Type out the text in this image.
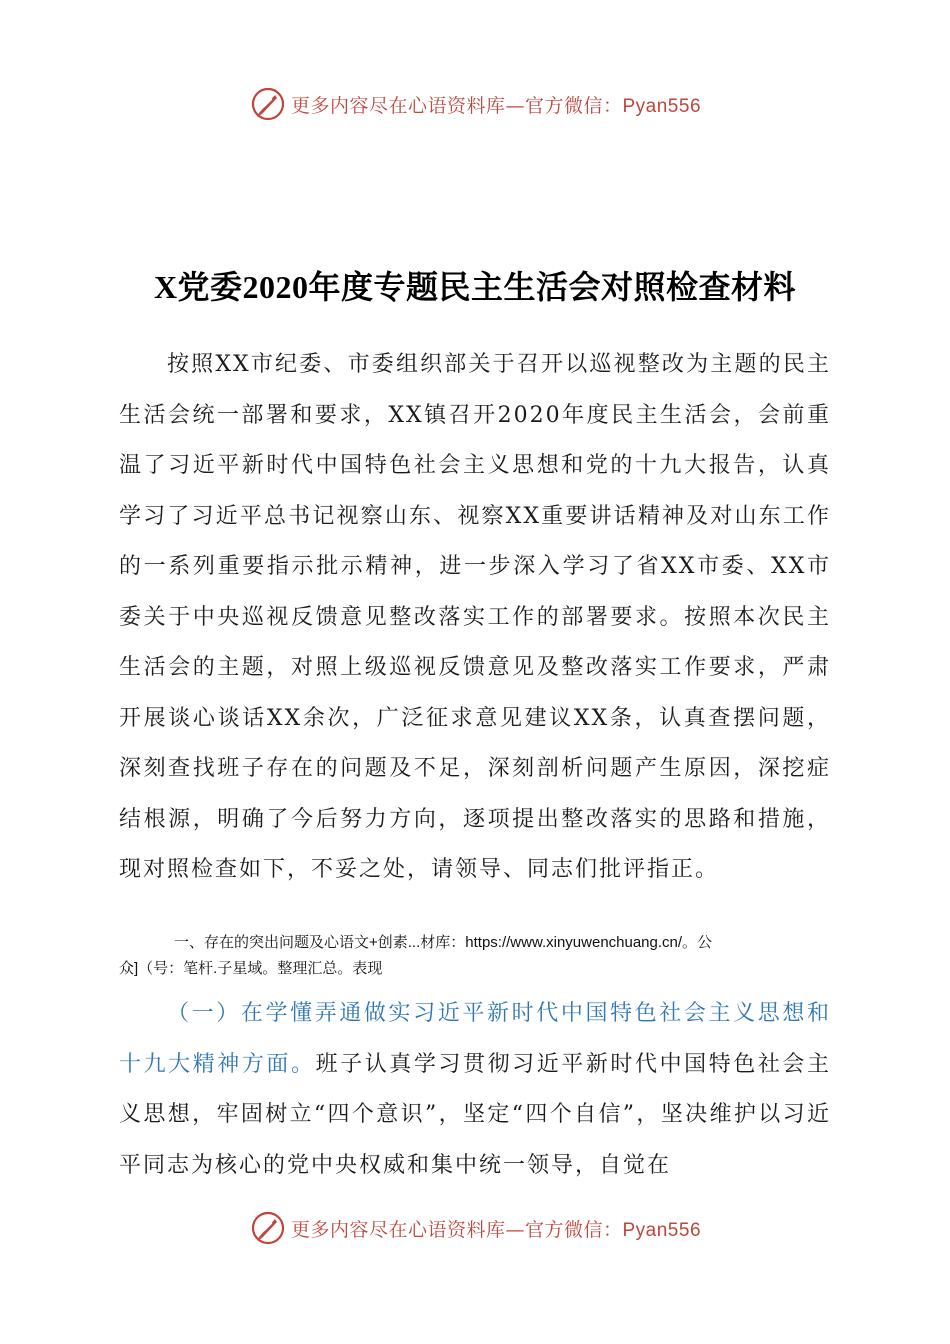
更多内容尽在心语资料库—官方微信：Pyan556
X党委2020年度专题民主生活会对照检查材料

按照XX市纪委、市委组织部关于召开以巡视整改为主题的民主生活会统一部署和要求，XX镇召开2020年度民主生活会，会前重温了习近平新时代中国特色社会主义思想和党的十九大报告，认真学习了习近平总书记视察山东、视察XX重要讲话精神及对山东工作的一系列重要指示批示精神，进一步深入学习了省XX市委、XX市委关于中央巡视反馈意见整改落实工作的部署要求。按照本次民主生活会的主题，对照上级巡视反馈意见及整改落实工作要求，严肃开展谈心谈话XX余次，广泛征求意见建议XX条，认真查摆问题，深刻查找班子存在的问题及不足，深刻剖析问题产生原因，深挖症结根源，明确了今后努力方向，逐项提出整改落实的思路和措施，现对照检查如下，不妥之处，请领导、同志们批评指正。

一、存在的突出问题及心语文+创素...材库：https://www.xinyuwenchuang.cn/。公
众]（号：笔杆.子星域。整理汇总。表现

（一）在学懂弄通做实习近平新时代中国特色社会主义思想和十九大精神方面。班子认真学习贯彻习近平新时代中国特色社会主义思想，牢固树立“四个意识”，坚定“四个自信”，坚决维护以习近平同志为核心的党中央权威和集中统一领导，自觉在

更多内容尽在心语资料库—官方微信：Pyan556
